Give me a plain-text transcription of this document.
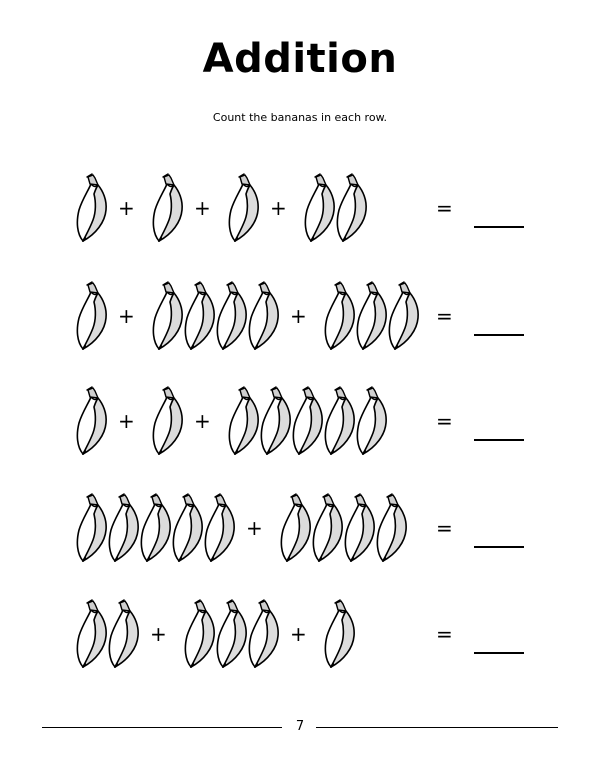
Addition
Count the bananas in each row.
+	+	+	=
+	+	=
+	+	=
+	=
+	+	=
7
